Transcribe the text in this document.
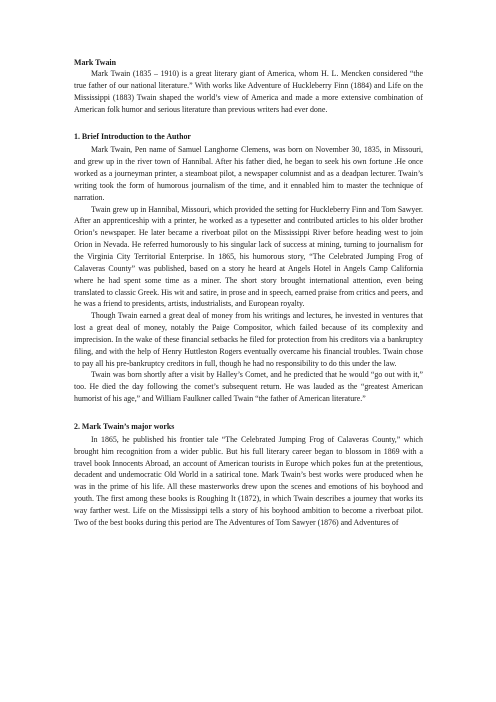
Mark Twain

Mark Twain (1835 – 1910) is a great literary giant of America, whom H. L. Mencken considered “the true father of our national literature.” With works like Adventure of Huckleberry Finn (1884) and Life on the Mississippi (1883) Twain shaped the world’s view of America and made a more extensive combination of American folk humor and serious literature than previous writers had ever done.

1. Brief Introduction to the Author

Mark Twain, Pen name of Samuel Langhorne Clemens, was born on November 30, 1835, in Missouri, and grew up in the river town of Hannibal. After his father died, he began to seek his own fortune .He once worked as a journeyman printer, a steamboat pilot, a newspaper columnist and as a deadpan lecturer. Twain’s writing took the form of humorous journalism of the time, and it ennabled him to master the technique of narration.

Twain grew up in Hannibal, Missouri, which provided the setting for Huckleberry Finn and Tom Sawyer. After an apprenticeship with a printer, he worked as a typesetter and contributed articles to his older brother Orion’s newspaper. He later became a riverboat pilot on the Mississippi River before heading west to join Orion in Nevada. He referred humorously to his singular lack of success at mining, turning to journalism for the Virginia City Territorial Enterprise. In 1865, his humorous story, “The Celebrated Jumping Frog of Calaveras County” was published, based on a story he heard at Angels Hotel in Angels Camp California where he had spent some time as a miner. The short story brought international attention, even being translated to classic Greek. His wit and satire, in prose and in speech, earned praise from critics and peers, and he was a friend to presidents, artists, industrialists, and European royalty.

Though Twain earned a great deal of money from his writings and lectures, he invested in ventures that lost a great deal of money, notably the Paige Compositor, which failed because of its complexity and imprecision. In the wake of these financial setbacks he filed for protection from his creditors via a bankruptcy filing, and with the help of Henry Huttleston Rogers eventually overcame his financial troubles. Twain chose to pay all his pre-bankruptcy creditors in full, though he had no responsibility to do this under the law.

Twain was born shortly after a visit by Halley’s Comet, and he predicted that he would “go out with it,” too. He died the day following the comet’s subsequent return. He was lauded as the “greatest American humorist of his age,” and William Faulkner called Twain “the father of American literature.”

2. Mark Twain’s major works

In 1865, he published his frontier tale “The Celebrated Jumping Frog of Calaveras County,” which brought him recognition from a wider public. But his full literary career began to blossom in 1869 with a travel book Innocents Abroad, an account of American tourists in Europe which pokes fun at the pretentious, decadent and undemocratic Old World in a satirical tone. Mark Twain’s best works were produced when he was in the prime of his life. All these masterworks drew upon the scenes and emotions of his boyhood and youth. The first among these books is Roughing It (1872), in which Twain describes a journey that works its way farther west. Life on the Mississippi tells a story of his boyhood ambition to become a riverboat pilot. Two of the best books during this period are The Adventures of Tom Sawyer (1876) and Adventures of
